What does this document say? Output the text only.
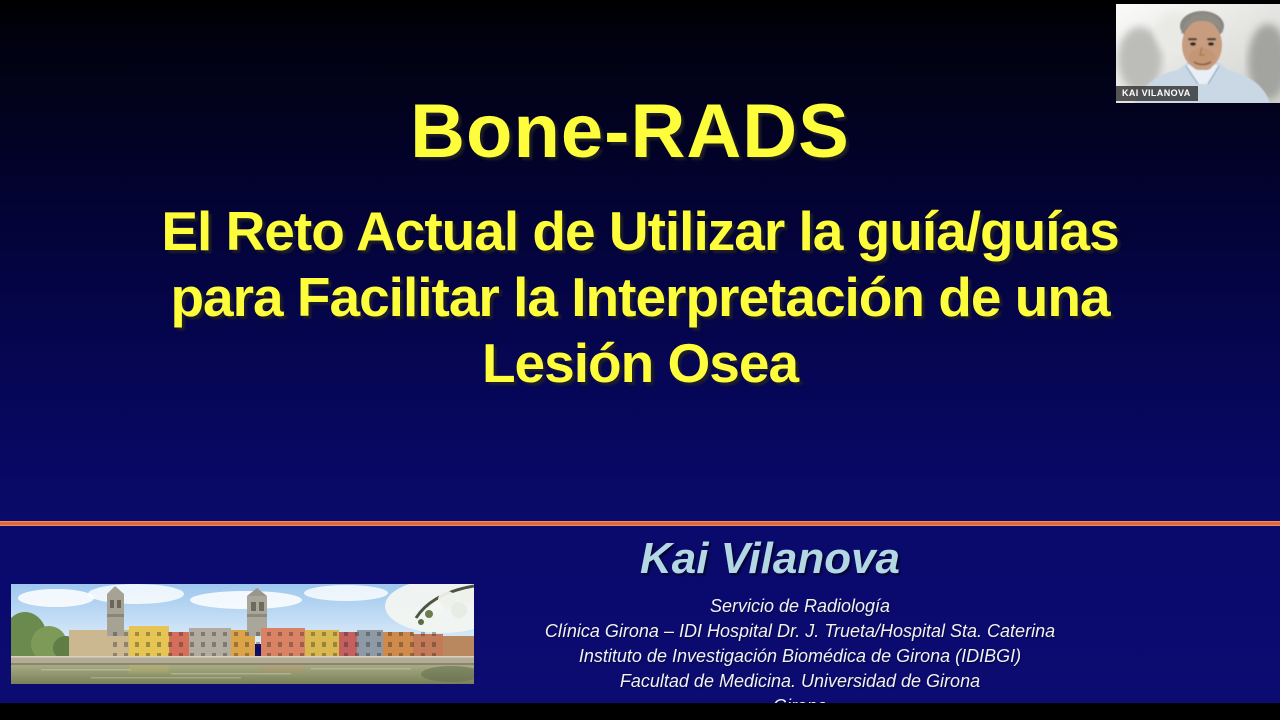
Bone-RADS
El Reto Actual de Utilizar la guía/guías
para Facilitar la Interpretación de una
Lesión Osea
Kai Vilanova
Servicio de Radiología
Clínica Girona – IDI Hospital Dr. J. Trueta/Hospital Sta. Caterina
Instituto de Investigación Biomédica de Girona (IDIBGI)
Facultad de Medicina. Universidad de Girona
KAI VILANOVA
